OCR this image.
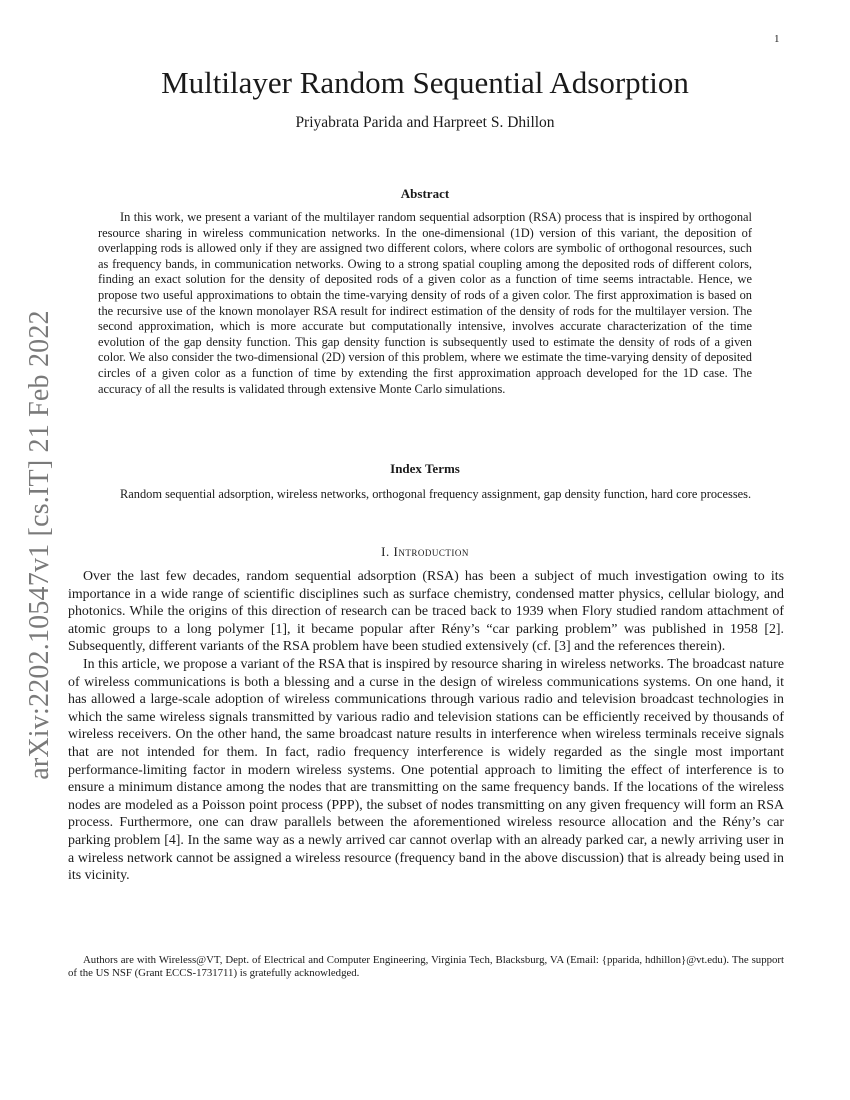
1
arXiv:2202.10547v1 [cs.IT] 21 Feb 2022
Multilayer Random Sequential Adsorption
Priyabrata Parida and Harpreet S. Dhillon
Abstract

In this work, we present a variant of the multilayer random sequential adsorption (RSA) process that is inspired by orthogonal resource sharing in wireless communication networks. In the one-dimensional (1D) version of this variant, the deposition of overlapping rods is allowed only if they are assigned two different colors, where colors are symbolic of orthogonal resources, such as frequency bands, in communication networks. Owing to a strong spatial coupling among the deposited rods of different colors, finding an exact solution for the density of deposited rods of a given color as a function of time seems intractable. Hence, we propose two useful approximations to obtain the time-varying density of rods of a given color. The first approximation is based on the recursive use of the known monolayer RSA result for indirect estimation of the density of rods for the multilayer version. The second approximation, which is more accurate but computationally intensive, involves accurate characterization of the time evolution of the gap density function. This gap density function is subsequently used to estimate the density of rods of a given color. We also consider the two-dimensional (2D) version of this problem, where we estimate the time-varying density of deposited circles of a given color as a function of time by extending the first approximation approach developed for the 1D case. The accuracy of all the results is validated through extensive Monte Carlo simulations.

Index Terms

Random sequential adsorption, wireless networks, orthogonal frequency assignment, gap density function, hard core processes.

I. Introduction

Over the last few decades, random sequential adsorption (RSA) has been a subject of much investigation owing to its importance in a wide range of scientific disciplines such as surface chemistry, condensed matter physics, cellular biology, and photonics. While the origins of this direction of research can be traced back to 1939 when Flory studied random attachment of atomic groups to a long polymer [1], it became popular after Rény’s “car parking problem” was published in 1958 [2]. Subsequently, different variants of the RSA problem have been studied extensively (cf. [3] and the references therein).

In this article, we propose a variant of the RSA that is inspired by resource sharing in wireless networks. The broadcast nature of wireless communications is both a blessing and a curse in the design of wireless communications systems. On one hand, it has allowed a large-scale adoption of wireless communications through various radio and television broadcast technologies in which the same wireless signals transmitted by various radio and television stations can be efficiently received by thousands of wireless receivers. On the other hand, the same broadcast nature results in interference when wireless terminals receive signals that are not intended for them. In fact, radio frequency interference is widely regarded as the single most important performance-limiting factor in modern wireless systems. One potential approach to limiting the effect of interference is to ensure a minimum distance among the nodes that are transmitting on the same frequency bands. If the locations of the wireless nodes are modeled as a Poisson point process (PPP), the subset of nodes transmitting on any given frequency will form an RSA process. Furthermore, one can draw parallels between the aforementioned wireless resource allocation and the Rény’s car parking problem [4]. In the same way as a newly arrived car cannot overlap with an already parked car, a newly arriving user in a wireless network cannot be assigned a wireless resource (frequency band in the above discussion) that is already being used in its vicinity.

Authors are with Wireless@VT, Dept. of Electrical and Computer Engineering, Virginia Tech, Blacksburg, VA (Email: {pparida, hdhillon}@vt.edu). The support of the US NSF (Grant ECCS-1731711) is gratefully acknowledged.
